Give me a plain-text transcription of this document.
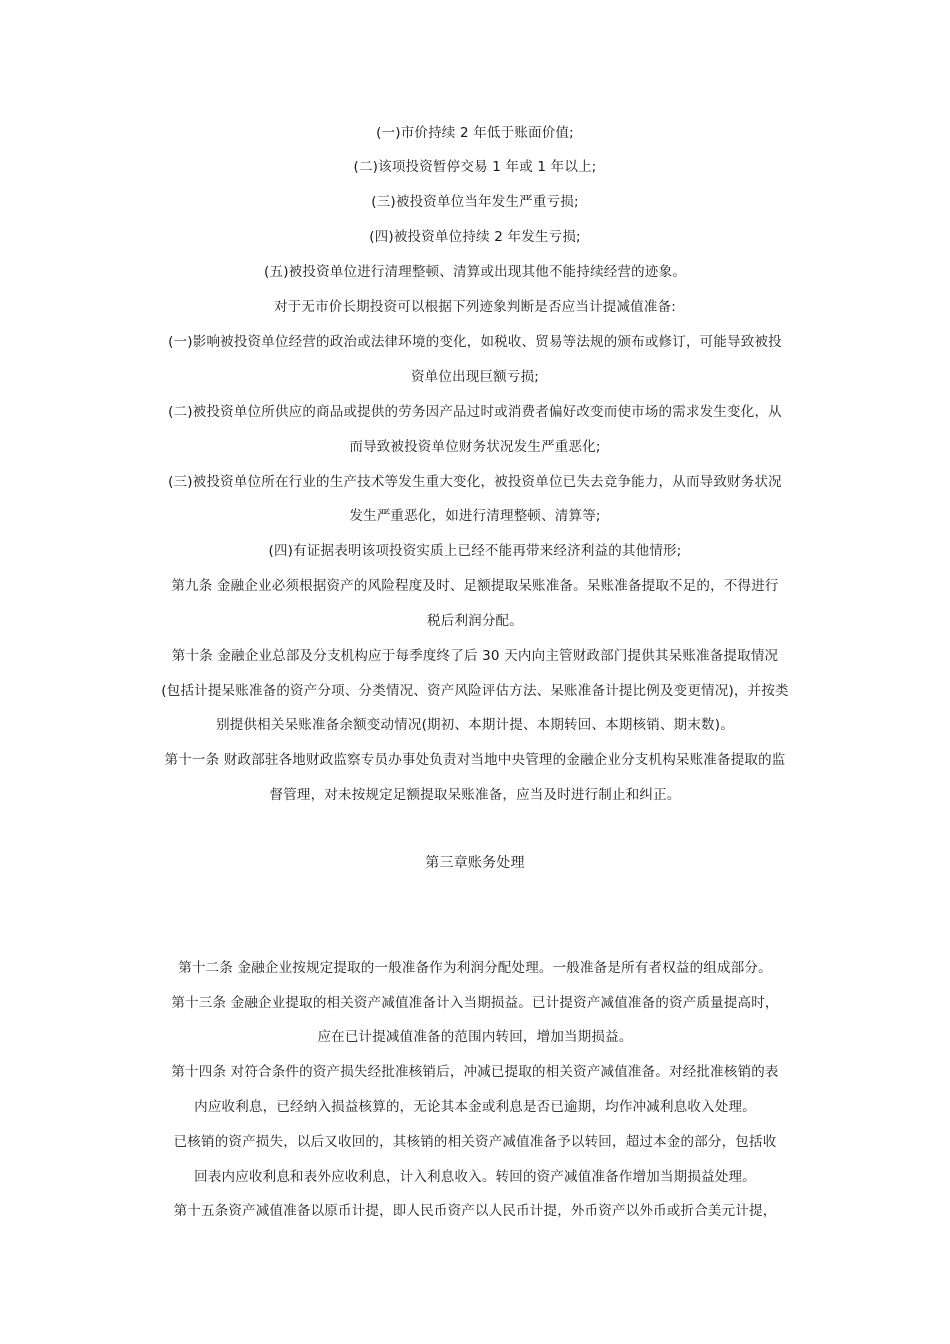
(一)市价持续 2 年低于账面价值;
(二)该项投资暂停交易 1 年或 1 年以上;
(三)被投资单位当年发生严重亏损;
(四)被投资单位持续 2 年发生亏损;
(五)被投资单位进行清理整顿、清算或出现其他不能持续经营的迹象。
对于无市价长期投资可以根据下列迹象判断是否应当计提减值准备:
(一)影响被投资单位经营的政治或法律环境的变化，如税收、贸易等法规的颁布或修订，可能导致被投
资单位出现巨额亏损;
(二)被投资单位所供应的商品或提供的劳务因产品过时或消费者偏好改变而使市场的需求发生变化，从
而导致被投资单位财务状况发生严重恶化;
(三)被投资单位所在行业的生产技术等发生重大变化，被投资单位已失去竞争能力，从而导致财务状况
发生严重恶化，如进行清理整顿、清算等;
(四)有证据表明该项投资实质上已经不能再带来经济利益的其他情形;
第九条 金融企业必须根据资产的风险程度及时、足额提取呆账准备。呆账准备提取不足的，不得进行
税后利润分配。
第十条 金融企业总部及分支机构应于每季度终了后 30 天内向主管财政部门提供其呆账准备提取情况
(包括计提呆账准备的资产分项、分类情况、资产风险评估方法、呆账准备计提比例及变更情况)，并按类
别提供相关呆账准备余额变动情况(期初、本期计提、本期转回、本期核销、期末数)。
第十一条 财政部驻各地财政监察专员办事处负责对当地中央管理的金融企业分支机构呆账准备提取的监
督管理，对未按规定足额提取呆账准备，应当及时进行制止和纠正。
第三章账务处理
第十二条 金融企业按规定提取的一般准备作为利润分配处理。一般准备是所有者权益的组成部分。
第十三条 金融企业提取的相关资产减值准备计入当期损益。已计提资产减值准备的资产质量提高时，
应在已计提减值准备的范围内转回，增加当期损益。
第十四条 对符合条件的资产损失经批准核销后，冲减已提取的相关资产减值准备。对经批准核销的表
内应收利息，已经纳入损益核算的，无论其本金或利息是否已逾期，均作冲减利息收入处理。
已核销的资产损失，以后又收回的，其核销的相关资产减值准备予以转回，超过本金的部分，包括收
回表内应收利息和表外应收利息，计入利息收入。转回的资产减值准备作增加当期损益处理。
第十五条资产减值准备以原币计提，即人民币资产以人民币计提，外币资产以外币或折合美元计提，
